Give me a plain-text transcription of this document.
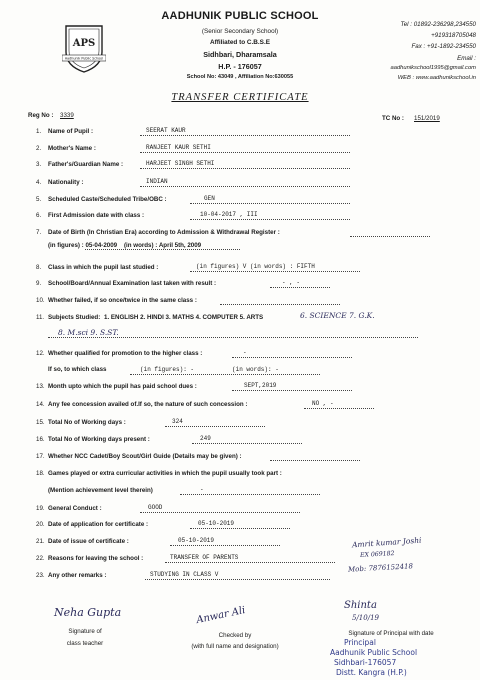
APS
Aadhunik Public School
AADHUNIK PUBLIC SCHOOL
(Senior Secondary School)
Affiliated to C.B.S.E
Sidhbari, Dharamsala
H.P. - 176057
School No: 43049 , Affiliation No:630055
Tel : 01892-236298,234550
+919318705048
Fax : +91-1892-234550
Email :
aadhunikschool1995@gmail.com
WEB : www.aadhunikschool.in
TRANSFER CERTIFICATE
Reg No : 3339	TC No : 151/2019
1. Name of Pupil :	SEERAT KAUR
2. Mother's Name :	RANJEET KAUR SETHI
3. Father's/Guardian Name :	HARJEET SINGH SETHI
4. Nationality :	INDIAN
5. Scheduled Caste/Scheduled Tribe/OBC :	GEN
6. First Admission date with class :	10-04-2017 , III
7. Date of Birth (In Christian Era) according to Admission & Withdrawal Register :
(in figures) : 05-04-2009 (in words) : April 5th, 2009
8. Class in which the pupil last studied :	(in figures) V (in words) : FIFTH
9. School/Board/Annual Examination last taken with result :	- , -
10. Whether failed, if so once/twice in the same class :
11. Subjects Studied: 1. ENGLISH 2. HINDI 3. MATHS 4. COMPUTER 5. ARTS	6. SCIENCE 7. G.K.
8. M.sci 9. S.ST.
12. Whether qualified for promotion to the higher class :	-
If so, to which class	(in figures): -	(in words): -
13. Month upto which the pupil has paid school dues :	SEPT,2019
14. Any fee concession availed of.If so, the nature of such concession :	NO , -
15. Total No of Working days :	324
16. Total No of Working days present :	249
17. Whether NCC Cadet/Boy Scout/Girl Guide (Details may be given) :
18. Games played or extra curricular activities in which the pupil usually took part :
(Mention achievement level therein)	-
19. General Conduct :	GOOD
20. Date of application for certificate :	05-10-2019
21. Date of issue of certificate :	05-10-2019
22. Reasons for leaving the school :	TRANSFER OF PARENTS
23. Any other remarks :	STUDYING IN CLASS V
Amrit kumar Joshi
EX 069182
Mob: 7876152418
Neha Gupta
Signature of
class teacher
Anwar Ali
Checked by
(with full name and designation)
Shinta
5/10/19
Signature of Principal with date
Principal
Aadhunik Public School
Sidhbari-176057
Distt. Kangra (H.P.)
